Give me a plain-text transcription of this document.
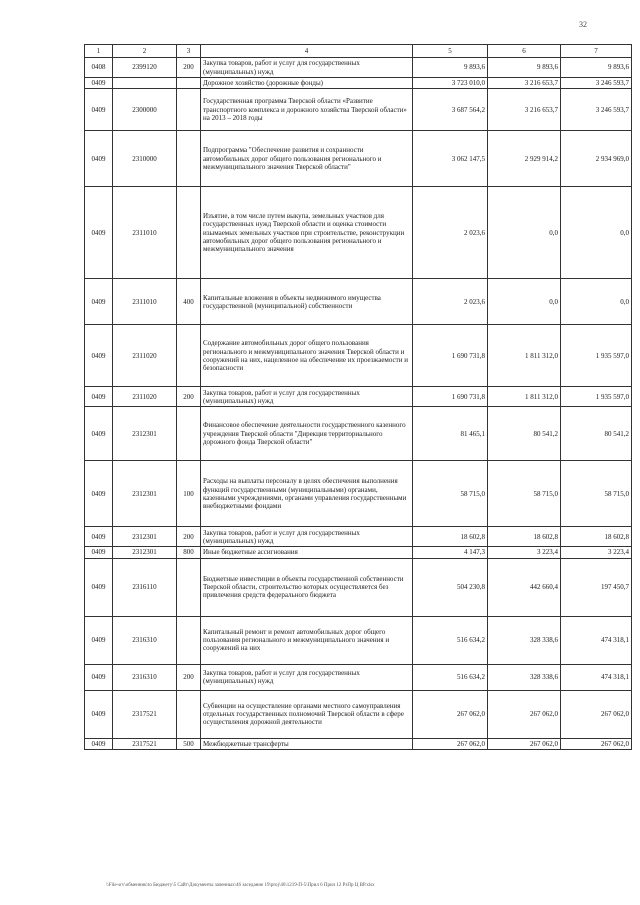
32
1	2	3	4	5	6	7
0408	2399120	200	Закупка товаров, работ и услуг для государственных (муниципальных) нужд	9 893,6	9 893,6	9 893,6
0409			Дорожное хозяйство (дорожные фонды)	3 723 010,0	3 216 653,7	3 246 593,7
0409	2300000		Государственная программа Тверской области «Развитие транспортного комплекса и дорожного хозяйства Тверской области» на 2013 – 2018 годы	3 687 564,2	3 216 653,7	3 246 593,7
0409	2310000		Подпрограмма "Обеспечение развития и сохранности автомобильных дорог общего пользования регионального и межмуниципального значения Тверской области"	3 062 147,5	2 929 914,2	2 934 969,0
0409	2311010		Изъятие, в том числе путем выкупа, земельных участков для государственных нужд Тверской области и оценка стоимости изымаемых земельных участков при строительстве, реконструкции автомобильных дорог общего пользования регионального и межмуниципального значения	2 023,6	0,0	0,0
0409	2311010	400	Капитальные вложения в объекты недвижимого имущества государственной (муниципальной) собственности	2 023,6	0,0	0,0
0409	2311020		Содержание автомобильных дорог общего пользования регионального и межмуниципального значения Тверской области и сооружений на них, нацеленное на обеспечение их проезжаемости и безопасности	1 690 731,8	1 811 312,0	1 935 597,0
0409	2311020	200	Закупка товаров, работ и услуг для государственных (муниципальных) нужд	1 690 731,8	1 811 312,0	1 935 597,0
0409	2312301		Финансовое обеспечение деятельности государственного казенного учреждения Тверской области "Дирекция территориального дорожного фонда Тверской области"	81 465,1	80 541,2	80 541,2
0409	2312301	100	Расходы на выплаты персоналу в целях обеспечения выполнения функций государственными (муниципальными) органами, казенными учреждениями, органами управления государственными внебюджетными фондами	58 715,0	58 715,0	58 715,0
0409	2312301	200	Закупка товаров, работ и услуг для государственных (муниципальных) нужд	18 602,8	18 602,8	18 602,8
0409	2312301	800	Иные бюджетные ассигнования	4 147,3	3 223,4	3 223,4
0409	2316110		Бюджетные инвестиции в объекты государственной собственности Тверской области, строительство которых осуществляется без привлечения средств федерального бюджета	504 230,8	442 660,4	197 450,7
0409	2316310		Капитальный ремонт и ремонт автомобильных дорог общего пользования регионального и межмуниципального значения и сооружений на них	516 634,2	328 338,6	474 318,1
0409	2316310	200	Закупка товаров, работ и услуг для государственных (муниципальных) нужд	516 634,2	328 338,6	474 318,1
0409	2317521		Субвенции на осуществление органами местного самоуправления отдельных государственных полномочий Тверской области в сфере осуществления дорожной деятельности	267 062,0	267 062,0	267 062,0
0409	2317521	500	Межбюджетные трансферты	267 062,0	267 062,0	267 062,0
\\File-srv\обменник\to Бюджету\5 Сайт\Документы заченных\46 заседание 19\proj\46\1219-П-5\Прил 6 Прил 12 РзПр Ц ВР.xlsx
